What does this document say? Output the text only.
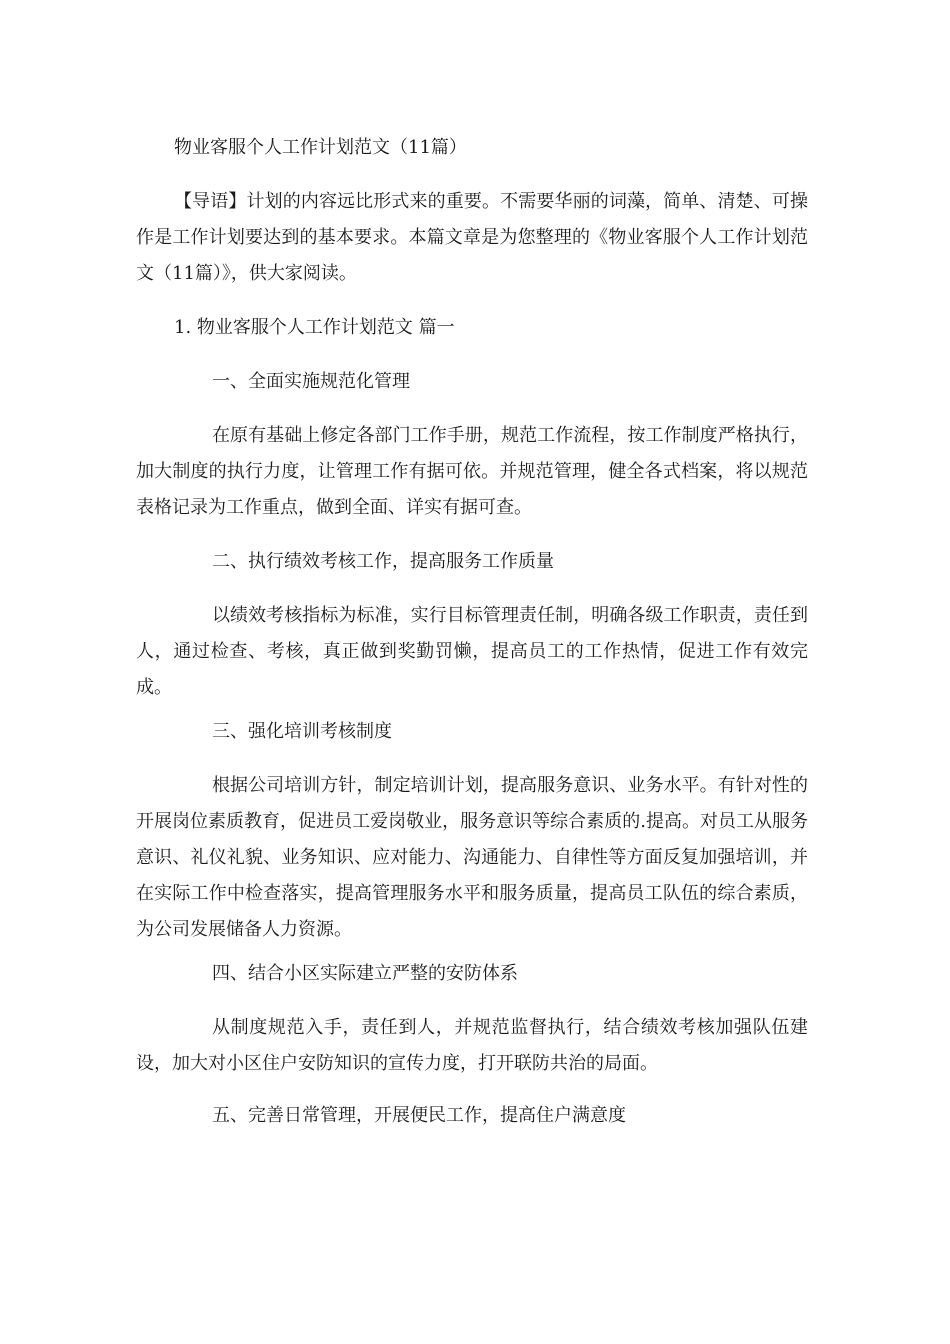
物业客服个人工作计划范文（11篇）

【导语】计划的内容远比形式来的重要。不需要华丽的词藻，简单、清楚、可操作是工作计划要达到的基本要求。本篇文章是为您整理的《物业客服个人工作计划范文（11篇）》，供大家阅读。

1. 物业客服个人工作计划范文 篇一

一、全面实施规范化管理

在原有基础上修定各部门工作手册，规范工作流程，按工作制度严格执行，加大制度的执行力度，让管理工作有据可依。并规范管理，健全各式档案，将以规范表格记录为工作重点，做到全面、详实有据可查。

二、执行绩效考核工作，提高服务工作质量

以绩效考核指标为标准，实行目标管理责任制，明确各级工作职责，责任到人，通过检查、考核，真正做到奖勤罚懒，提高员工的工作热情，促进工作有效完成。

三、强化培训考核制度

根据公司培训方针，制定培训计划，提高服务意识、业务水平。有针对性的开展岗位素质教育，促进员工爱岗敬业，服务意识等综合素质的.提高。对员工从服务意识、礼仪礼貌、业务知识、应对能力、沟通能力、自律性等方面反复加强培训，并在实际工作中检查落实，提高管理服务水平和服务质量，提高员工队伍的综合素质，为公司发展储备人力资源。

四、结合小区实际建立严整的安防体系

从制度规范入手，责任到人，并规范监督执行，结合绩效考核加强队伍建设，加大对小区住户安防知识的宣传力度，打开联防共治的局面。

五、完善日常管理，开展便民工作，提高住户满意度
